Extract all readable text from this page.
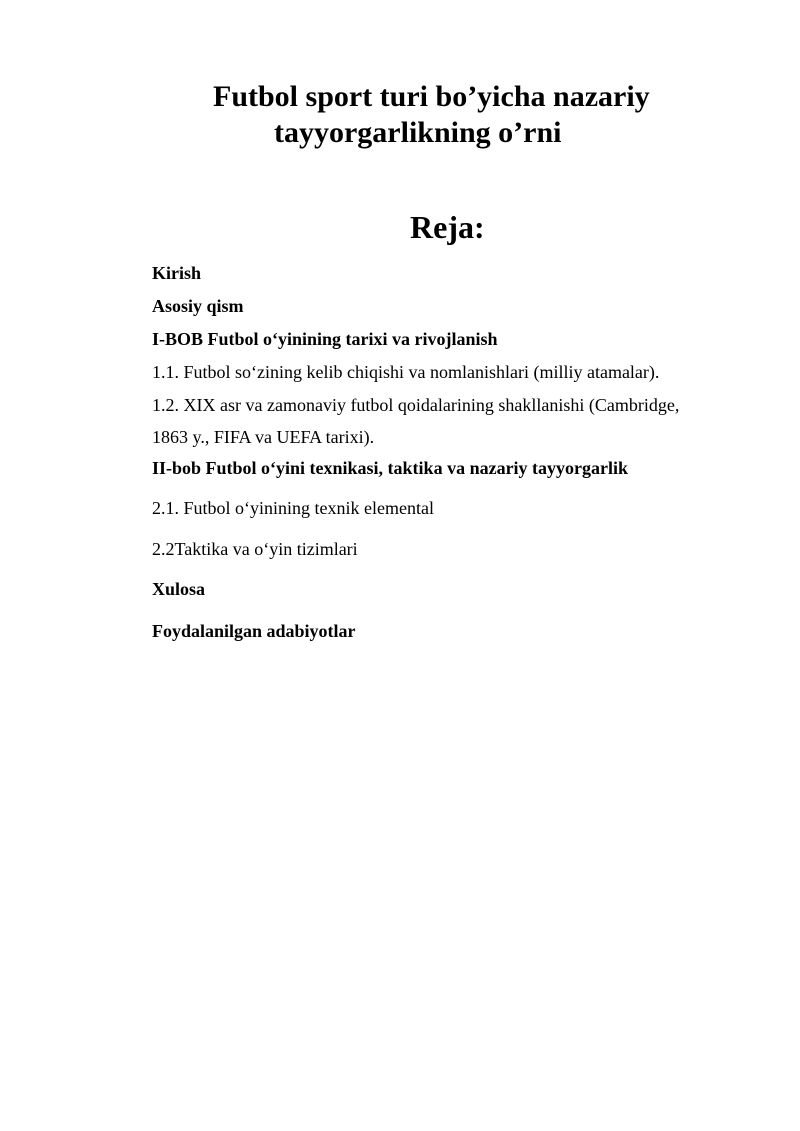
Futbol sport turi bo’yicha nazariy
tayyorgarlikning o’rni
Reja:
Kirish
Asosiy qism
I-BOB Futbol o‘yinining tarixi va rivojlanish
1.1. Futbol so‘zining kelib chiqishi va nomlanishlari (milliy atamalar).
1.2. XIX asr va zamonaviy futbol qoidalarining shakllanishi (Cambridge,
1863 y., FIFA va UEFA tarixi).
II-bob Futbol o‘yini texnikasi, taktika va nazariy tayyorgarlik
2.1. Futbol o‘yinining texnik elemental
2.2Taktika va o‘yin tizimlari
Xulosa
Foydalanilgan adabiyotlar
